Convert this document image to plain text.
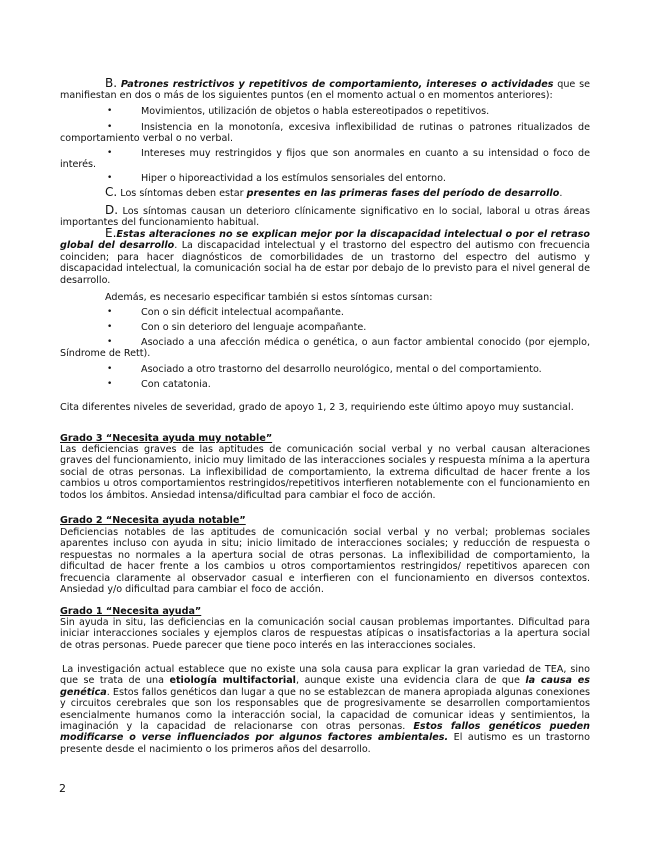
B. Patrones restrictivos y repetitivos de comportamiento, intereses o actividades que se manifiestan en dos o más de los siguientes puntos (en el momento actual o en momentos anteriores):

•	Movimientos, utilización de objetos o habla estereotipados o repetitivos.

•	Insistencia en la monotonía, excesiva inflexibilidad de rutinas o patrones ritualizados de comportamiento verbal o no verbal.

•	Intereses muy restringidos y fijos que son anormales en cuanto a su intensidad o foco de interés.

•	Hiper o hiporeactividad a los estímulos sensoriales del entorno.

C. Los síntomas deben estar presentes en las primeras fases del período de desarrollo.

D. Los síntomas causan un deterioro clínicamente significativo en lo social, laboral u otras áreas importantes del funcionamiento habitual.

E.Estas alteraciones no se explican mejor por la discapacidad intelectual o por el retraso global del desarrollo. La discapacidad intelectual y el trastorno del espectro del autismo con frecuencia coinciden; para hacer diagnósticos de comorbilidades de un trastorno del espectro del autismo y discapacidad intelectual, la comunicación social ha de estar por debajo de lo previsto para el nivel general de desarrollo.

Además, es necesario especificar también si estos síntomas cursan:

•	Con o sin déficit intelectual acompañante.

•	Con o sin deterioro del lenguaje acompañante.

•	Asociado a una afección médica o genética, o aun factor ambiental conocido (por ejemplo, Síndrome de Rett).

•	Asociado a otro trastorno del desarrollo neurológico, mental o del comportamiento.

•	Con catatonia.

Cita diferentes niveles de severidad, grado de apoyo 1, 2 3, requiriendo este último apoyo muy sustancial.

Grado 3 “Necesita ayuda muy notable”

Las deficiencias graves de las aptitudes de comunicación social verbal y no verbal causan alteraciones graves del funcionamiento, inicio muy limitado de las interacciones sociales y respuesta mínima a la apertura social de otras personas. La inflexibilidad de comportamiento, la extrema dificultad de hacer frente a los cambios u otros comportamientos restringidos/repetitivos interfieren notablemente con el funcionamiento en todos los ámbitos. Ansiedad intensa/dificultad para cambiar el foco de acción.

Grado 2 “Necesita ayuda notable”

Deficiencias notables de las aptitudes de comunicación social verbal y no verbal; problemas sociales aparentes incluso con ayuda in situ; inicio limitado de interacciones sociales; y reducción de respuesta o respuestas no normales a la apertura social de otras personas. La inflexibilidad de comportamiento, la dificultad de hacer frente a los cambios u otros comportamientos restringidos/ repetitivos aparecen con frecuencia claramente al observador casual e interfieren con el funcionamiento en diversos contextos. Ansiedad y/o dificultad para cambiar el foco de acción.

Grado 1 “Necesita ayuda”

Sin ayuda in situ, las deficiencias en la comunicación social causan problemas importantes. Dificultad para iniciar interacciones sociales y ejemplos claros de respuestas atípicas o insatisfactorias a la apertura social de otras personas. Puede parecer que tiene poco interés en las interacciones sociales.

La investigación actual establece que no existe una sola causa para explicar la gran variedad de TEA, sino que se trata de una etiología multifactorial, aunque existe una evidencia clara de que la causa es genética. Estos fallos genéticos dan lugar a que no se establezcan de manera apropiada algunas conexiones y circuitos cerebrales que son los responsables que de progresivamente se desarrollen comportamientos esencialmente humanos como la interacción social, la capacidad de comunicar ideas y sentimientos, la imaginación y la capacidad de relacionarse con otras personas. Estos fallos genéticos pueden modificarse o verse influenciados por algunos factores ambientales. El autismo es un trastorno presente desde el nacimiento o los primeros años del desarrollo.

2
